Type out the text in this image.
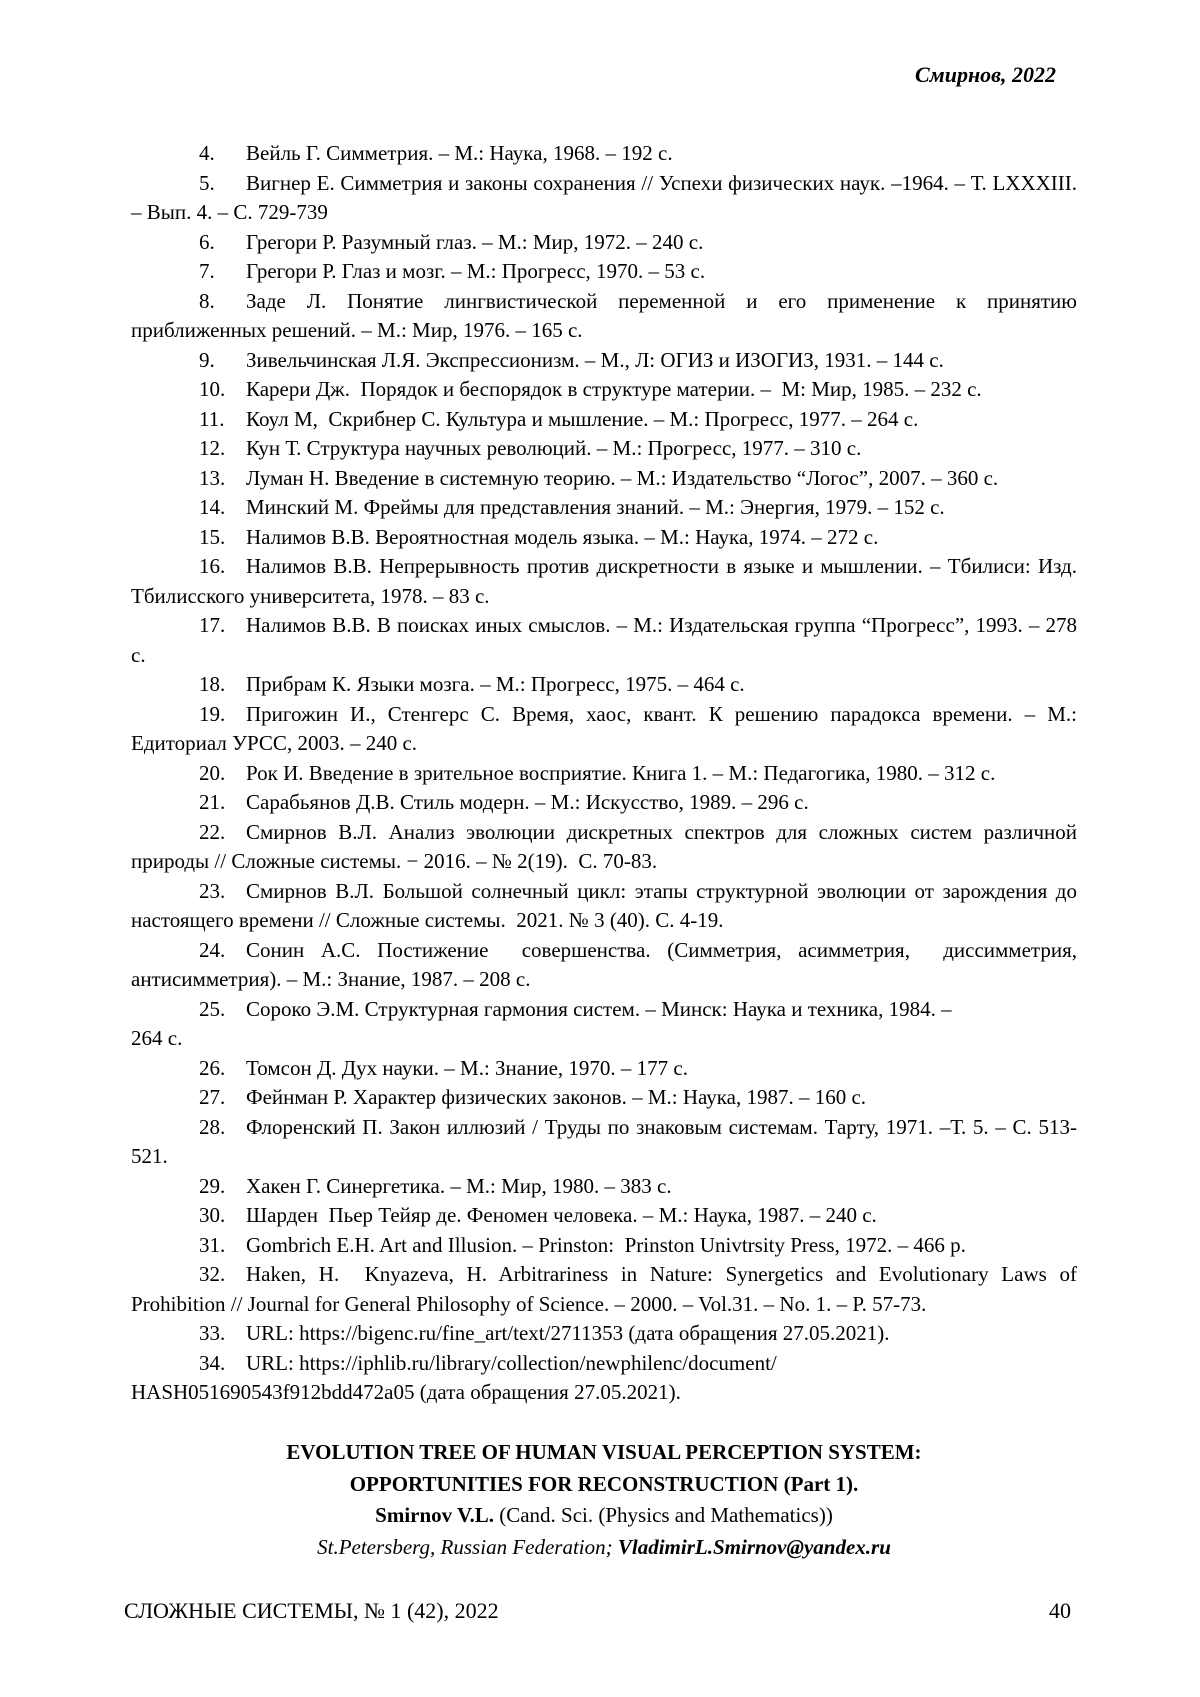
Смирнов, 2022

4. Вейль Г. Симметрия. – М.: Наука, 1968. – 192 с.

5. Вигнер Е. Симметрия и законы сохранения // Успехи физических наук. –1964. – Т. LXXXIII. – Вып. 4. – С. 729-739

6. Грегори Р. Разумный глаз. – М.: Мир, 1972. – 240 с.

7. Грегори Р. Глаз и мозг. – М.: Прогресс, 1970. – 53 с.

8. Заде Л. Понятие лингвистической переменной и его применение к принятию приближенных решений. – М.: Мир, 1976. – 165 с.

9. Зивельчинская Л.Я. Экспрессионизм. – М., Л: ОГИЗ и ИЗОГИЗ, 1931. – 144 с.

10. Карери Дж.  Порядок и беспорядок в структуре материи. –  М: Мир, 1985. – 232 с.

11. Коул М,  Скрибнер С. Культура и мышление. – М.: Прогресс, 1977. – 264 с.

12. Кун Т. Структура научных революций. – М.: Прогресс, 1977. – 310 с.

13. Луман Н. Введение в системную теорию. – М.: Издательство “Логос”, 2007. – 360 с.

14. Минский М. Фреймы для представления знаний. – М.: Энергия, 1979. – 152 с.

15. Налимов В.В. Вероятностная модель языка. – М.: Наука, 1974. – 272 с.

16. Налимов В.В. Непрерывность против дискретности в языке и мышлении. – Тбилиси: Изд. Тбилисского университета, 1978. – 83 с.

17. Налимов В.В. В поисках иных смыслов. – М.: Издательская группа “Прогресс”, 1993. – 278 с.

18. Прибрам К. Языки мозга. – М.: Прогресс, 1975. – 464 с.

19. Пригожин И., Стенгерс С. Время, хаос, квант. К решению парадокса времени. – М.: Едиториал УРСС, 2003. – 240 с.

20. Рок И. Введение в зрительное восприятие. Книга 1. – М.: Педагогика, 1980. – 312 с.

21. Сарабьянов Д.В. Стиль модерн. – М.: Искусство, 1989. – 296 с.

22. Смирнов В.Л. Анализ эволюции дискретных спектров для сложных систем различной природы // Сложные системы. − 2016. – № 2(19).  С. 70-83.

23. Смирнов В.Л. Большой солнечный цикл: этапы структурной эволюции от зарождения до настоящего времени // Сложные системы.  2021. № 3 (40). С. 4-19.

24. Сонин А.С. Постижение  совершенства. (Симметрия, асимметрия,  диссимметрия, антисимметрия). – М.: Знание, 1987. – 208 с.

25. Сороко Э.М. Структурная гармония систем. – Минск: Наука и техника, 1984. –
264 с.

26. Томсон Д. Дух науки. – М.: Знание, 1970. – 177 с.

27. Фейнман Р. Характер физических законов. – М.: Наука, 1987. – 160 с.

28. Флоренский П. Закон иллюзий / Труды по знаковым системам. Тарту, 1971. –Т. 5. – С. 513-521.

29. Хакен Г. Синергетика. – М.: Мир, 1980. – 383 с.

30. Шарден  Пьер Тейяр де. Феномен человека. – М.: Наука, 1987. – 240 с.

31. Gombrich E.H. Art and Illusion. – Prinston:  Prinston Univtrsity Press, 1972. – 466 p.

32. Haken, H.  Knyazeva, H. Arbitrariness in Nature: Synergetics and Evolutionary Laws of Prohibition // Journal for General Philosophy of Science. – 2000. – Vol.31. – No. 1. – P. 57-73.

33. URL: https://bigenc.ru/fine_art/text/2711353 (дата обращения 27.05.2021).

34. URL: https://iphlib.ru/library/collection/newphilenc/document/
HASH051690543f912bdd472a05 (дата обращения 27.05.2021).

EVOLUTION TREE OF HUMAN VISUAL PERCEPTION SYSTEM:
OPPORTUNITIES FOR RECONSTRUCTION (Part 1).
Smirnov V.L. (Cand. Sci. (Physics and Mathematics))
St.Petersberg, Russian Federation; VladimirL.Smirnov@yandex.ru
СЛОЖНЫЕ СИСТЕМЫ, № 1 (42), 2022	40
